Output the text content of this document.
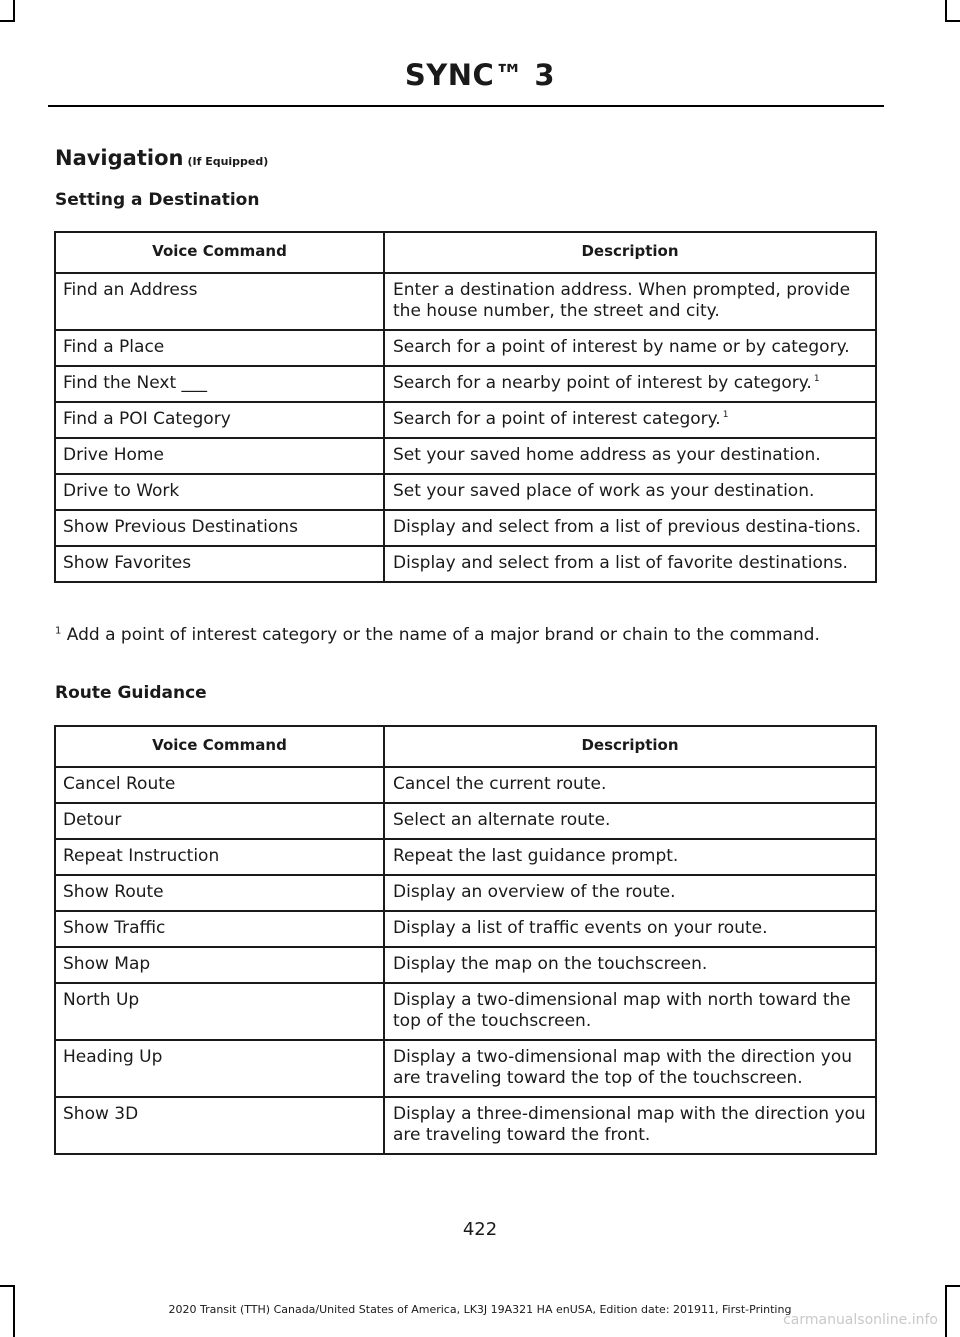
SYNC™ 3
Navigation (If Equipped)
Setting a Destination
Voice Command	Description
Find an Address	Enter a destination address. When prompted, provide the house number, the street and city.
Find a Place	Search for a point of interest by name or by category.
Find the Next ___	Search for a nearby point of interest by category. $^1$
Find a POI Category	Search for a point of interest category. $^1$
Drive Home	Set your saved home address as your destination.
Drive to Work	Set your saved place of work as your destination.
Show Previous Destinations	Display and select from a list of previous destina-tions.
Show Favorites	Display and select from a list of favorite destinations.
$^1$ Add a point of interest category or the name of a major brand or chain to the command.
Route Guidance
Voice Command	Description
Cancel Route	Cancel the current route.
Detour	Select an alternate route.
Repeat Instruction	Repeat the last guidance prompt.
Show Route	Display an overview of the route.
Show Traffic	Display a list of traffic events on your route.
Show Map	Display the map on the touchscreen.
North Up	Display a two-dimensional map with north toward the top of the touchscreen.
Heading Up	Display a two-dimensional map with the direction you are traveling toward the top of the touchscreen.
Show 3D	Display a three-dimensional map with the direction you are traveling toward the front.
422
2020 Transit (TTH) Canada/United States of America, LK3J 19A321 HA enUSA, Edition date: 201911, First-Printing
carmanualsonline.info
